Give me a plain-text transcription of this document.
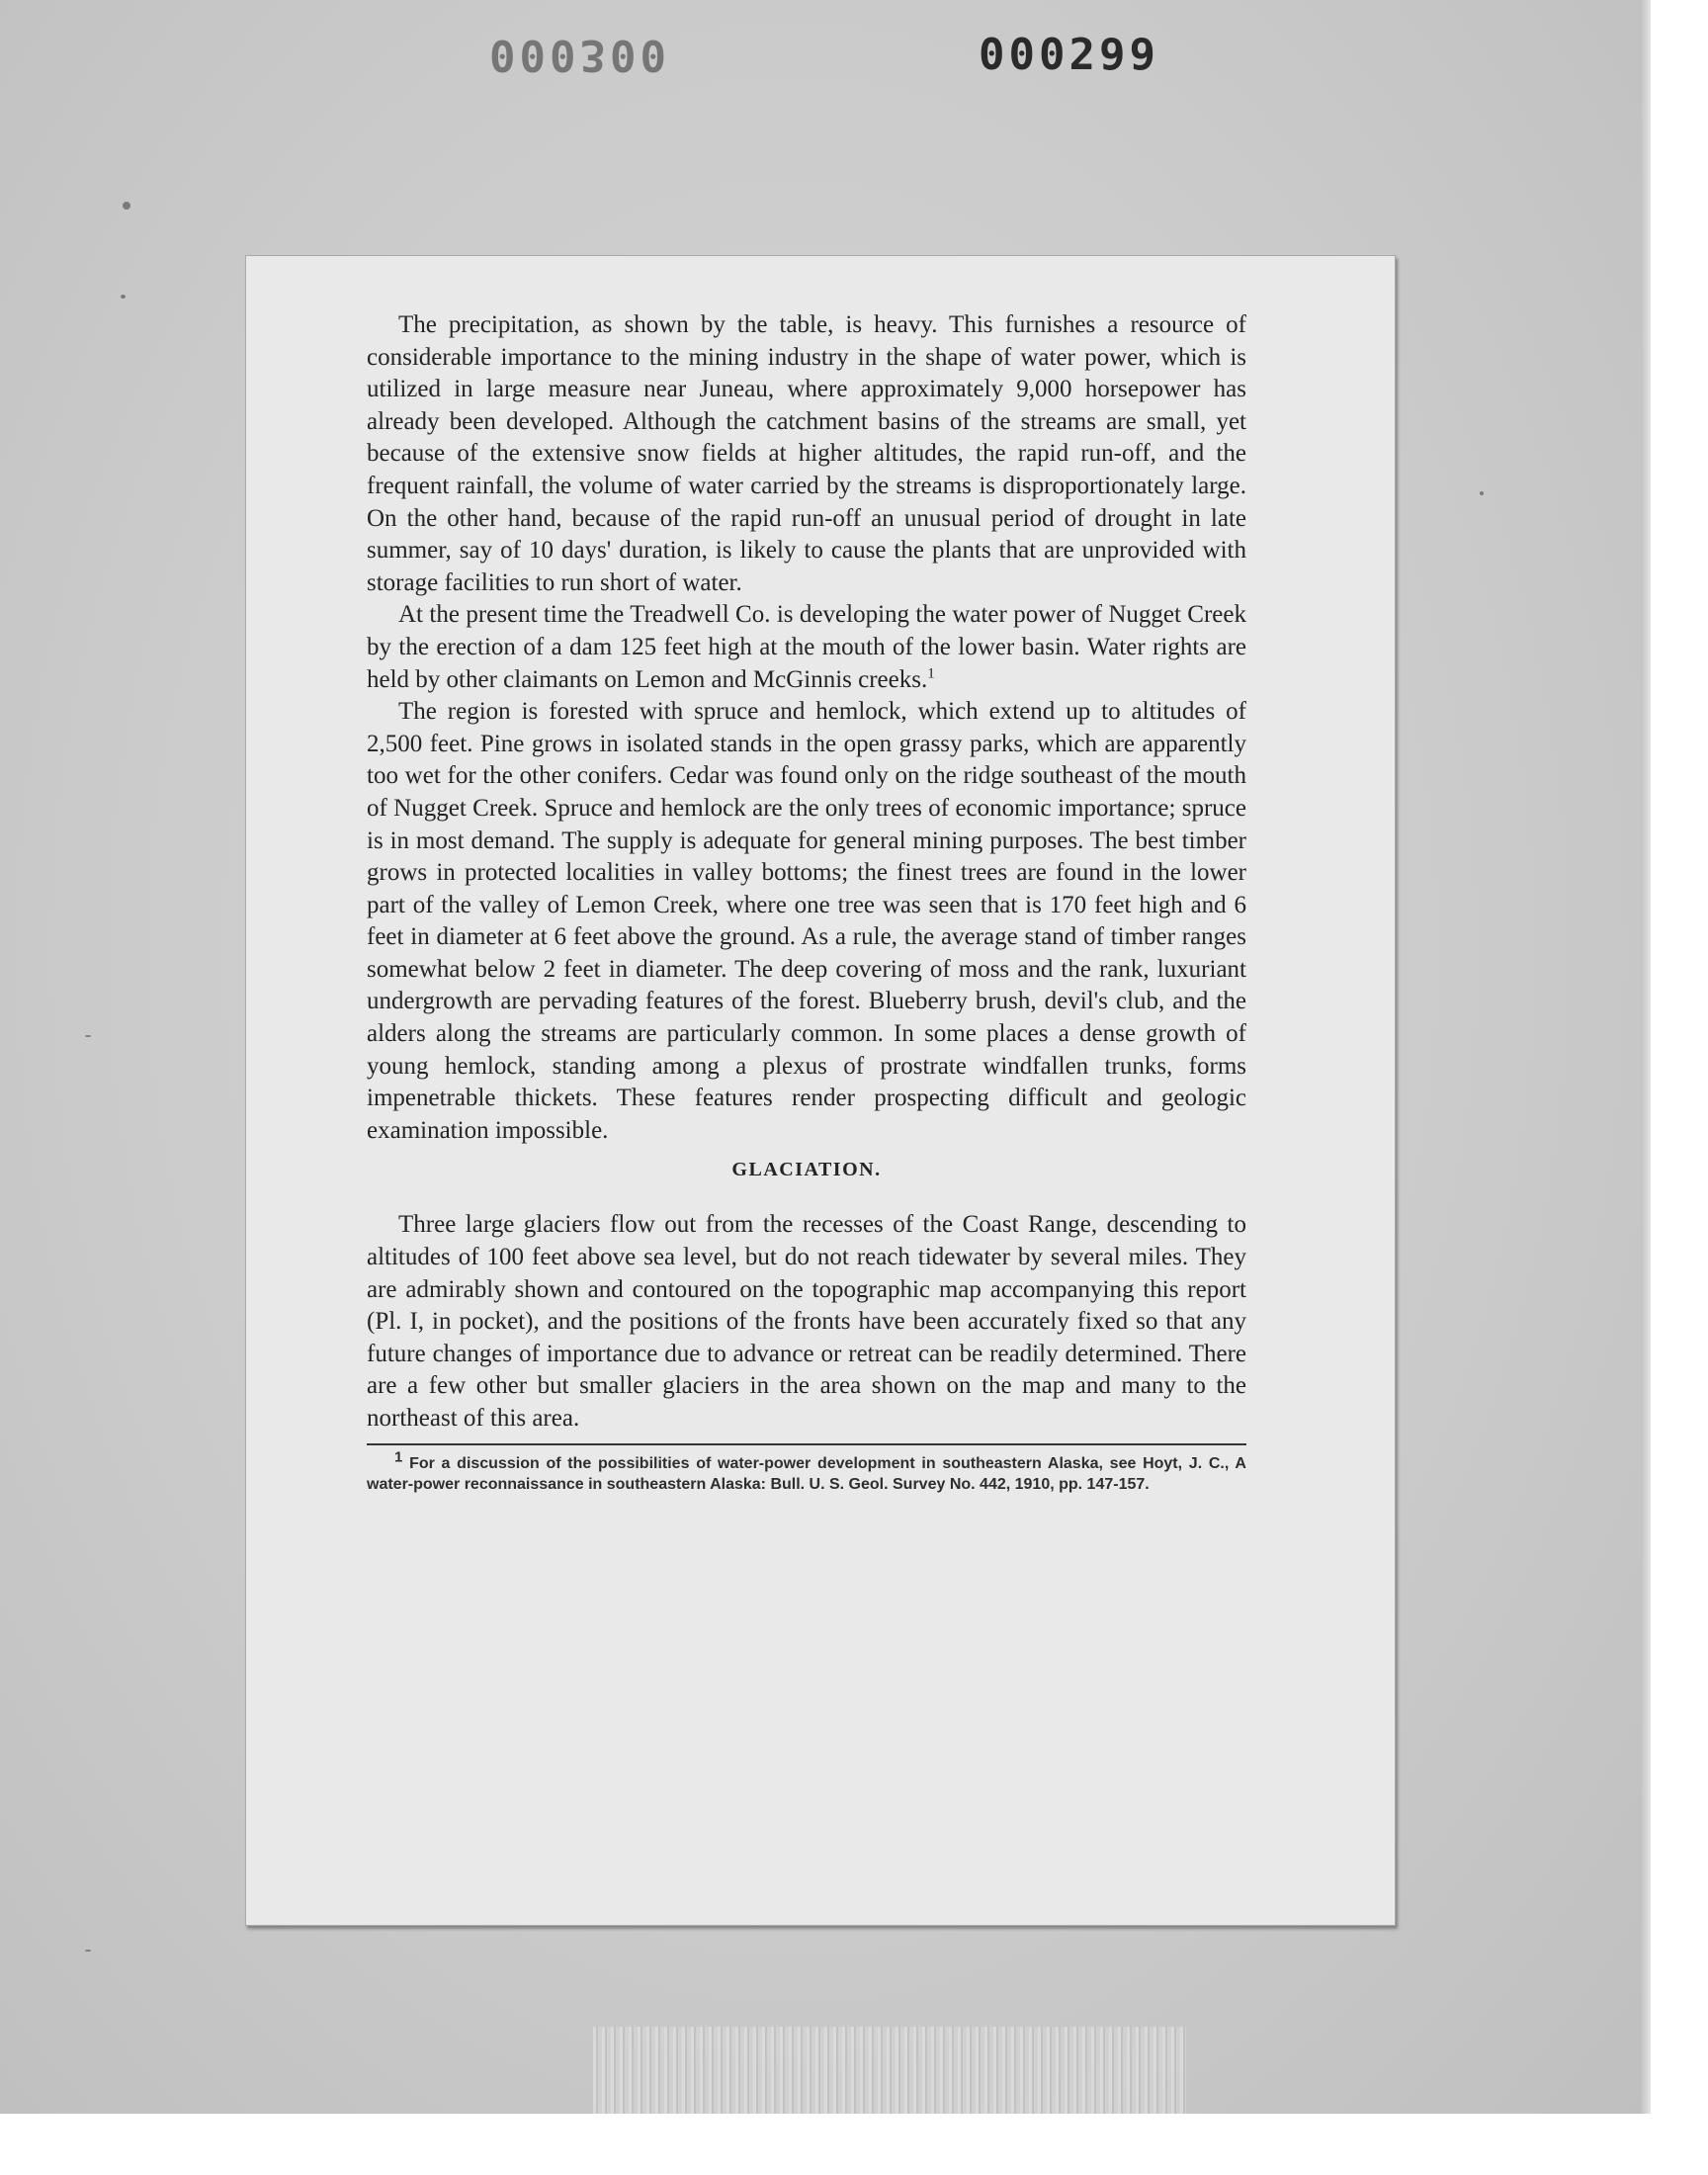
000300	000299

The precipitation, as shown by the table, is heavy. This furnishes a resource of considerable importance to the mining industry in the shape of water power, which is utilized in large measure near Juneau, where approximately 9,000 horsepower has already been developed. Although the catchment basins of the streams are small, yet because of the extensive snow fields at higher altitudes, the rapid run-off, and the frequent rainfall, the volume of water carried by the streams is disproportionately large. On the other hand, because of the rapid run-off an unusual period of drought in late summer, say of 10 days' duration, is likely to cause the plants that are unprovided with storage facilities to run short of water.

At the present time the Treadwell Co. is developing the water power of Nugget Creek by the erection of a dam 125 feet high at the mouth of the lower basin. Water rights are held by other claimants on Lemon and McGinnis creeks.$^1$

The region is forested with spruce and hemlock, which extend up to altitudes of 2,500 feet. Pine grows in isolated stands in the open grassy parks, which are apparently too wet for the other conifers. Cedar was found only on the ridge southeast of the mouth of Nugget Creek. Spruce and hemlock are the only trees of economic importance; spruce is in most demand. The supply is adequate for general mining purposes. The best timber grows in protected localities in valley bottoms; the finest trees are found in the lower part of the valley of Lemon Creek, where one tree was seen that is 170 feet high and 6 feet in diameter at 6 feet above the ground. As a rule, the average stand of timber ranges somewhat below 2 feet in diameter. The deep covering of moss and the rank, luxuriant undergrowth are pervading features of the forest. Blueberry brush, devil's club, and the alders along the streams are particularly common. In some places a dense growth of young hemlock, standing among a plexus of prostrate windfallen trunks, forms impenetrable thickets. These features render prospecting difficult and geologic examination impossible.

GLACIATION.

Three large glaciers flow out from the recesses of the Coast Range, descending to altitudes of 100 feet above sea level, but do not reach tidewater by several miles. They are admirably shown and contoured on the topographic map accompanying this report (Pl. I, in pocket), and the positions of the fronts have been accurately fixed so that any future changes of importance due to advance or retreat can be readily determined. There are a few other but smaller glaciers in the area shown on the map and many to the northeast of this area.

1 For a discussion of the possibilities of water-power development in southeastern Alaska, see Hoyt, J. C., A water-power reconnaissance in southeastern Alaska: Bull. U. S. Geol. Survey No. 442, 1910, pp. 147-157.
